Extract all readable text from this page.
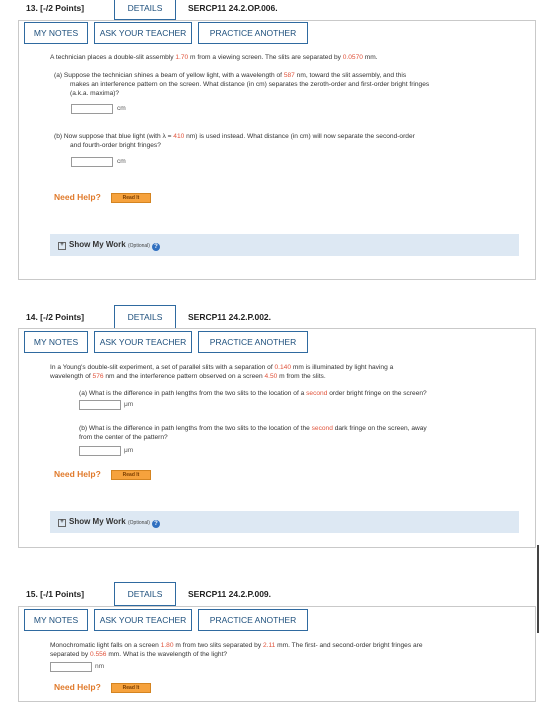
13. [-/2 Points]	DETAILS	SERCP11 24.2.OP.006.
MY NOTES	ASK YOUR TEACHER	PRACTICE ANOTHER
A technician places a double-slit assembly 1.70 m from a viewing screen. The slits are separated by 0.0570 mm.
(a) Suppose the technician shines a beam of yellow light, with a wavelength of 587 nm, toward the slit assembly, and this
makes an interference pattern on the screen. What distance (in cm) separates the zeroth-order and first-order bright fringes
(a.k.a. maxima)?
cm
(b) Now suppose that blue light (with λ = 410 nm) is used instead. What distance (in cm) will now separate the second-order
and fourth-order bright fringes?
cm
Need Help?	Read It
+ Show My Work (Optional) ?
14. [-/2 Points]	DETAILS	SERCP11 24.2.P.002.
MY NOTES	ASK YOUR TEACHER	PRACTICE ANOTHER
In a Young's double-slit experiment, a set of parallel slits with a separation of 0.140 mm is illuminated by light having a
wavelength of 576 nm and the interference pattern observed on a screen 4.50 m from the slits.
(a) What is the difference in path lengths from the two slits to the location of a second order bright fringe on the screen?
μm
(b) What is the difference in path lengths from the two slits to the location of the second dark fringe on the screen, away
from the center of the pattern?
μm
Need Help?	Read It
+ Show My Work (Optional) ?
15. [-/1 Points]	DETAILS	SERCP11 24.2.P.009.
MY NOTES	ASK YOUR TEACHER	PRACTICE ANOTHER
Monochromatic light falls on a screen 1.80 m from two slits separated by 2.11 mm. The first- and second-order bright fringes are
separated by 0.556 mm. What is the wavelength of the light?
nm
Need Help?	Read It
